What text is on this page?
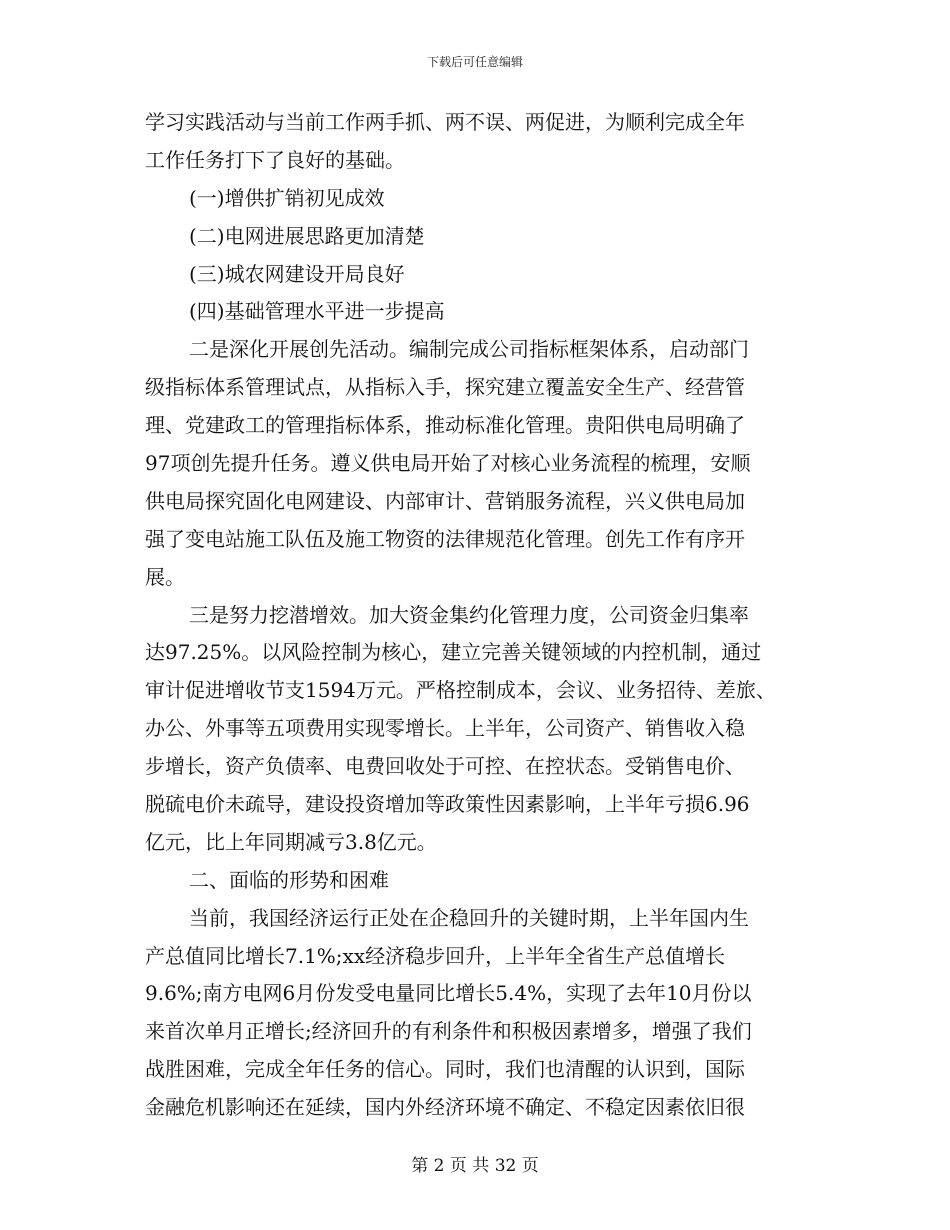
下载后可任意编辑
学习实践活动与当前工作两手抓、两不误、两促进，为顺利完成全年
工作任务打下了良好的基础。
(一)增供扩销初见成效
(二)电网进展思路更加清楚
(三)城农网建设开局良好
(四)基础管理水平进一步提高
二是深化开展创先活动。编制完成公司指标框架体系，启动部门
级指标体系管理试点，从指标入手，探究建立覆盖安全生产、经营管
理、党建政工的管理指标体系，推动标准化管理。贵阳供电局明确了
97项创先提升任务。遵义供电局开始了对核心业务流程的梳理，安顺
供电局探究固化电网建设、内部审计、营销服务流程，兴义供电局加
强了变电站施工队伍及施工物资的法律规范化管理。创先工作有序开
展。
三是努力挖潜增效。加大资金集约化管理力度，公司资金归集率
达97.25%。以风险控制为核心，建立完善关键领域的内控机制，通过
审计促进增收节支1594万元。严格控制成本，会议、业务招待、差旅、
办公、外事等五项费用实现零增长。上半年，公司资产、销售收入稳
步增长，资产负债率、电费回收处于可控、在控状态。受销售电价、
脱硫电价未疏导，建设投资增加等政策性因素影响，上半年亏损6.96
亿元，比上年同期减亏3.8亿元。
二、面临的形势和困难
当前，我国经济运行正处在企稳回升的关键时期，上半年国内生
产总值同比增长7.1%;xx经济稳步回升，上半年全省生产总值增长
9.6%;南方电网6月份发受电量同比增长5.4%，实现了去年10月份以
来首次单月正增长;经济回升的有利条件和积极因素增多，增强了我们
战胜困难，完成全年任务的信心。同时，我们也清醒的认识到，国际
金融危机影响还在延续，国内外经济环境不确定、不稳定因素依旧很
第 2 页 共 32 页
